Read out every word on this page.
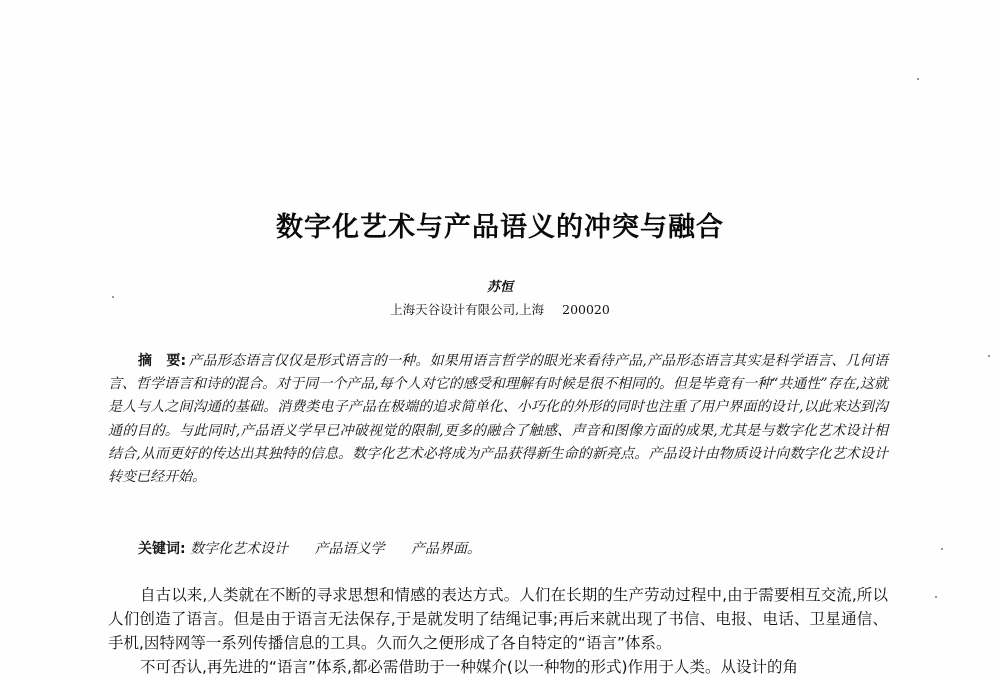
数字化艺术与产品语义的冲突与融合
苏恒
上海天谷设计有限公司,上海 200020
摘　要: 产品形态语言仅仅是形式语言的一种。如果用语言哲学的眼光来看待产品,产品形态语言其实是科学语言、几何语言、哲学语言和诗的混合。对于同一个产品,每个人对它的感受和理解有时候是很不相同的。但是毕竟有一种“共通性”存在,这就是人与人之间沟通的基础。消费类电子产品在极端的追求简单化、小巧化的外形的同时也注重了用户界面的设计,以此来达到沟通的目的。与此同时,产品语义学早已冲破视觉的限制,更多的融合了触感、声音和图像方面的成果,尤其是与数字化艺术设计相结合,从而更好的传达出其独特的信息。数字化艺术必将成为产品获得新生命的新亮点。产品设计由物质设计向数字化艺术设计转变已经开始。
关键词: 数字化艺术设计 产品语义学 产品界面。

自古以来,人类就在不断的寻求思想和情感的表达方式。人们在长期的生产劳动过程中,由于需要相互交流,所以人们创造了语言。但是由于语言无法保存,于是就发明了结绳记事;再后来就出现了书信、电报、电话、卫星通信、手机,因特网等一系列传播信息的工具。久而久之便形成了各自特定的“语言”体系。

不可否认,再先进的“语言”体系,都必需借助于一种媒介(以一种物的形式)作用于人类。从设计的角
